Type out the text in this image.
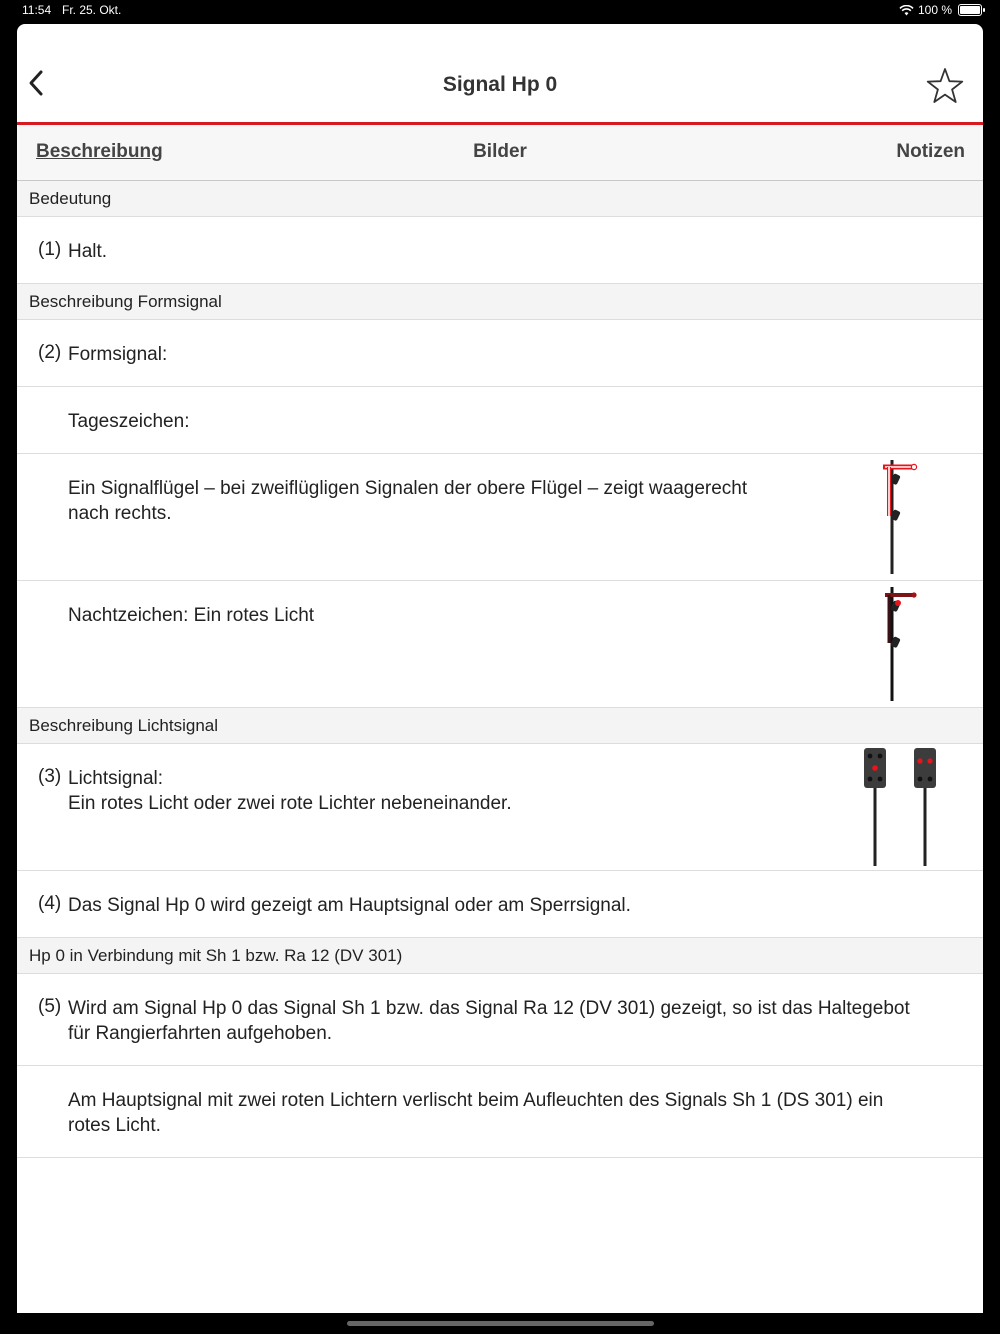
11:54 Fr. 25. Okt.	100 %
Signal Hp 0
Beschreibung	Bilder	Notizen
Bedeutung
(1) Halt.
Beschreibung Formsignal
(2) Formsignal:
Tageszeichen:
Ein Signalflügel – bei zweiflügligen Signalen der obere Flügel – zeigt waagerecht
nach rechts.
Nachtzeichen: Ein rotes Licht
Beschreibung Lichtsignal
(3) Lichtsignal:
Ein rotes Licht oder zwei rote Lichter nebeneinander.
(4) Das Signal Hp 0 wird gezeigt am Hauptsignal oder am Sperrsignal.
Hp 0 in Verbindung mit Sh 1 bzw. Ra 12 (DV 301)
(5) Wird am Signal Hp 0 das Signal Sh 1 bzw. das Signal Ra 12 (DV 301) gezeigt, so ist das Haltegebot
für Rangierfahrten aufgehoben.
Am Hauptsignal mit zwei roten Lichtern verlischt beim Aufleuchten des Signals Sh 1 (DS 301) ein
rotes Licht.
